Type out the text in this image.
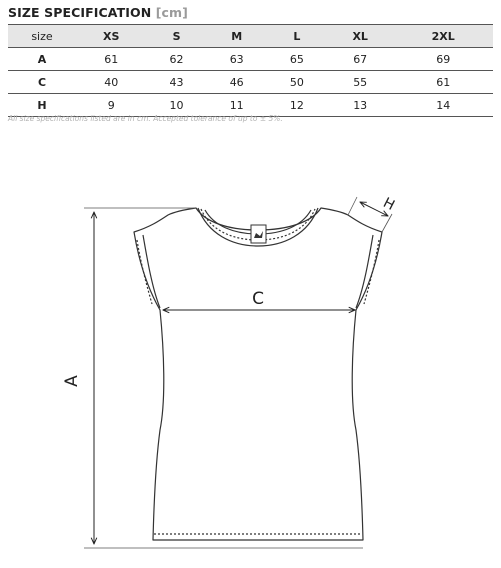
SIZE SPECIFICATION [cm]
size	XS	S	M	L	XL	2XL
A	61	62	63	65	67	69
C	40	43	46	50	55	61
H	9	10	11	12	13	14
All size specifications listed are in cm. Accepted tolerance of up to ± 5%.
A
C
H
